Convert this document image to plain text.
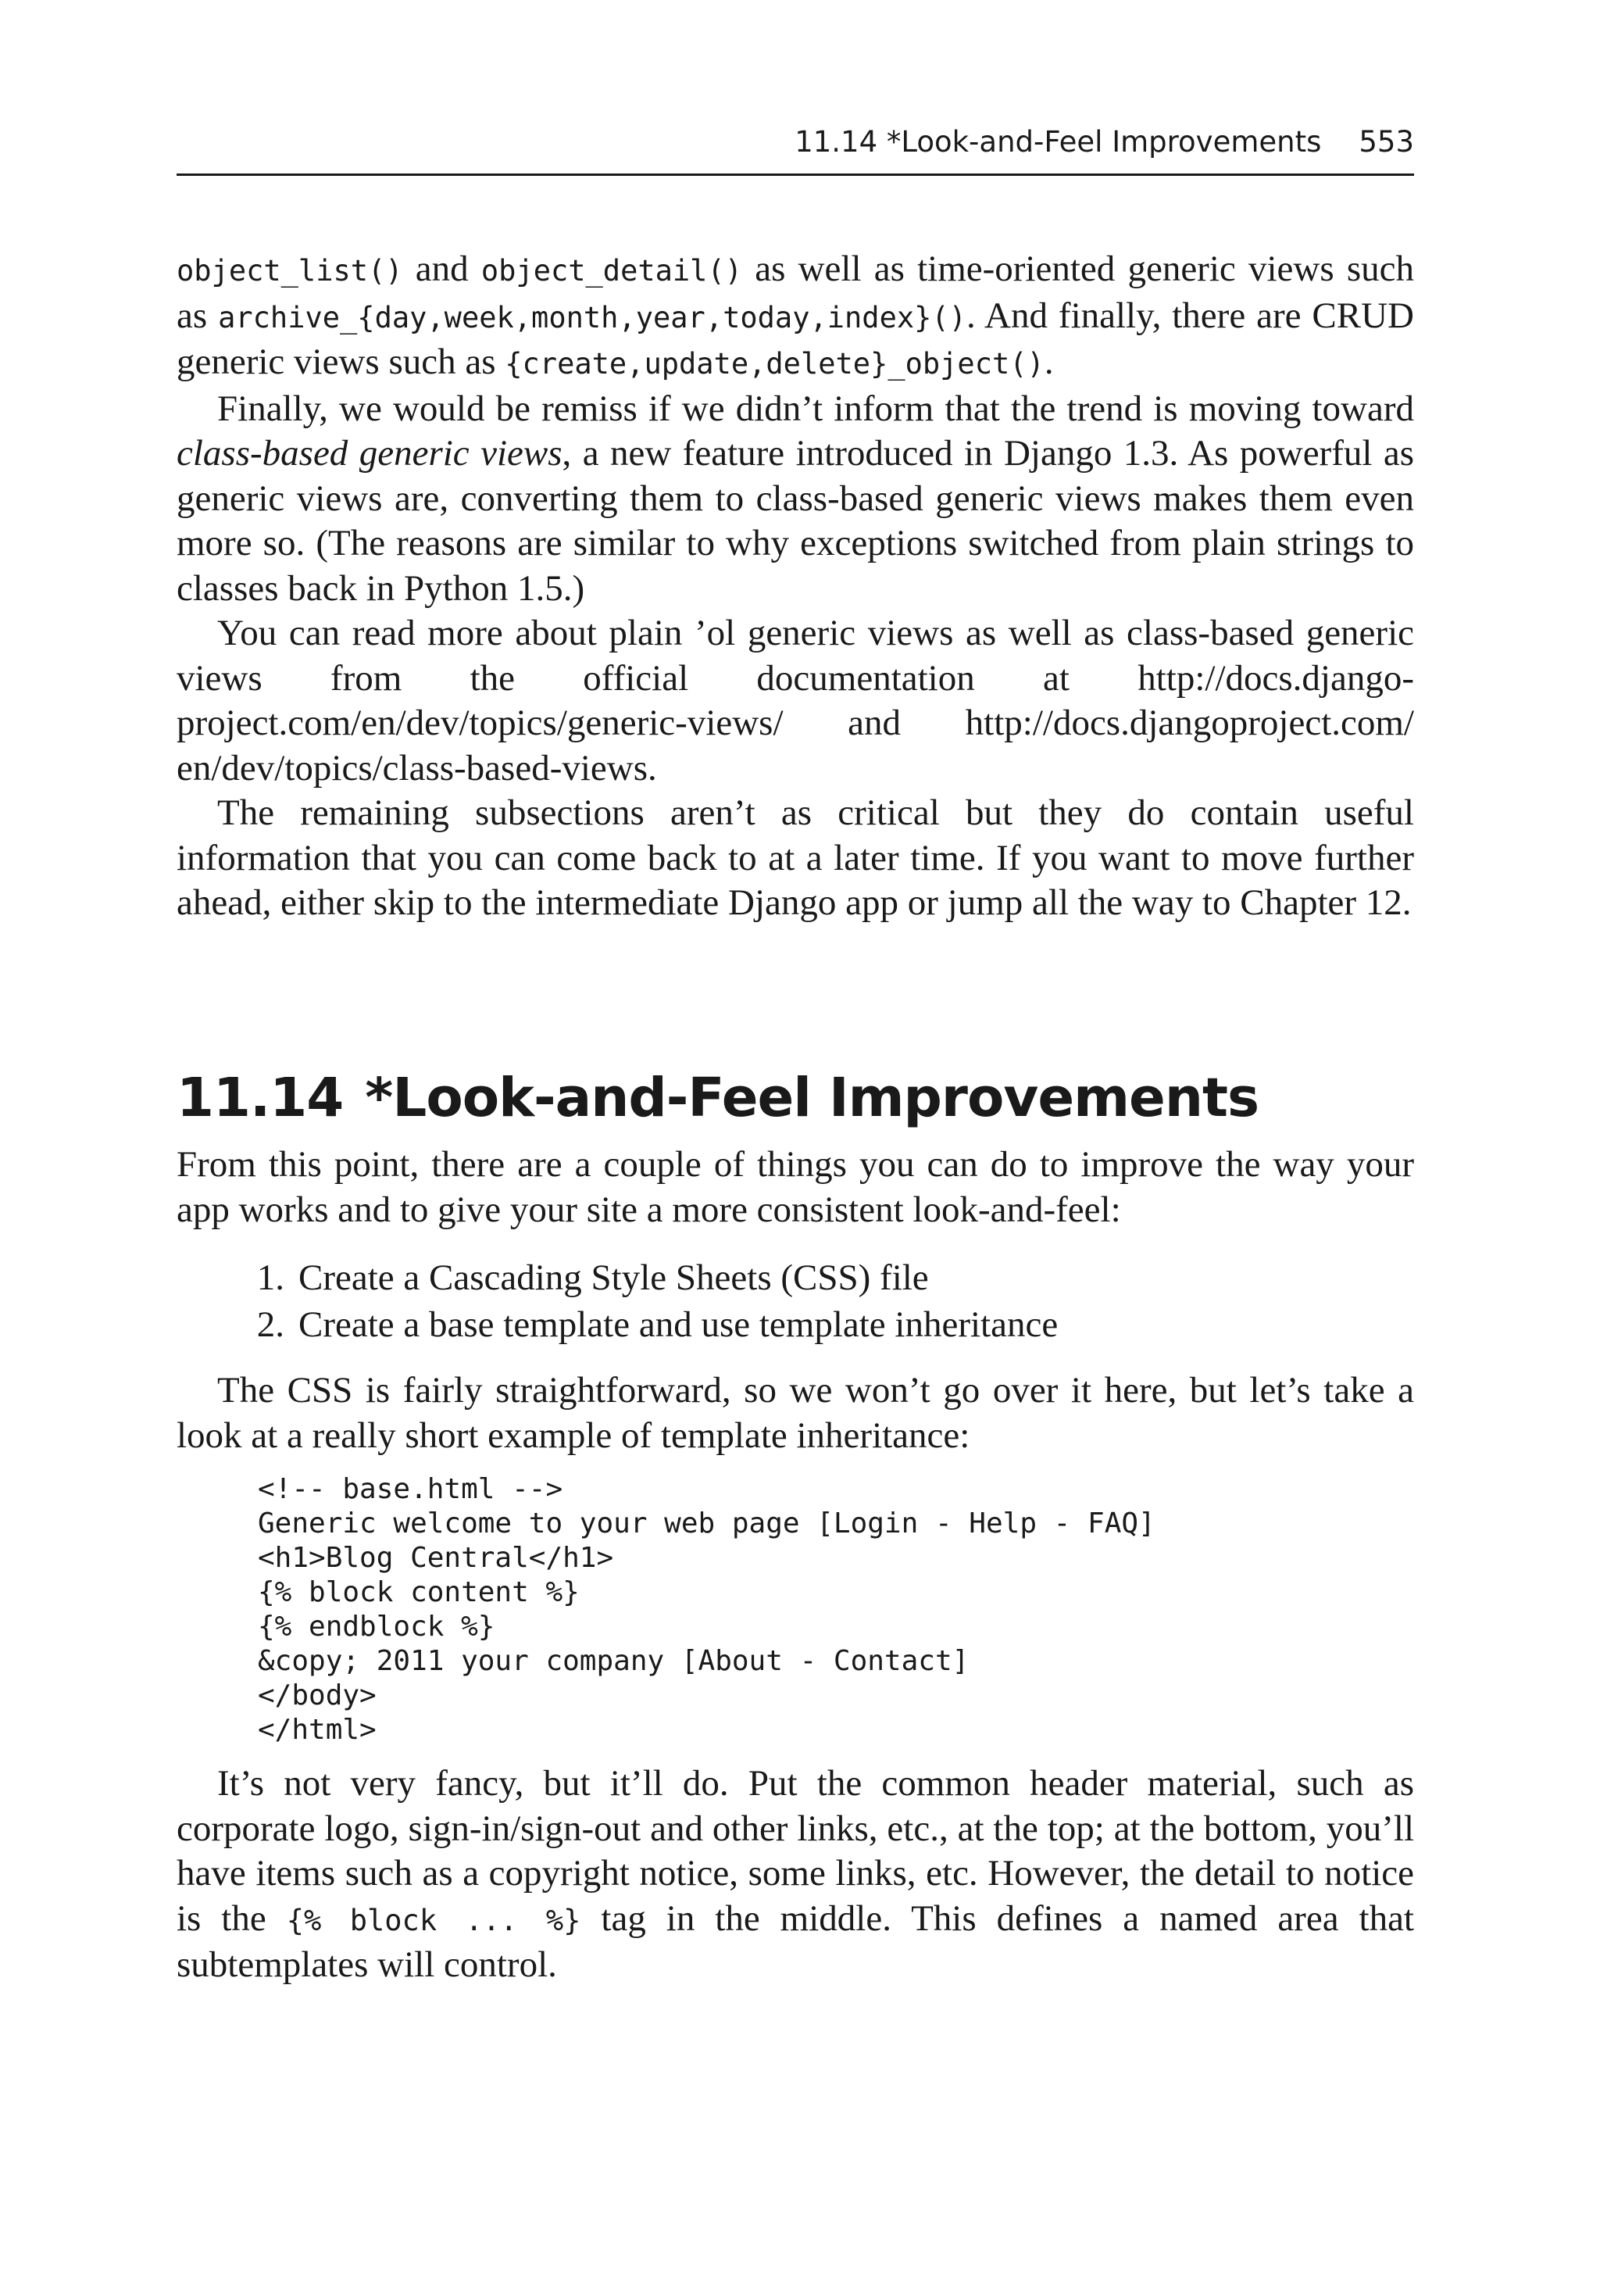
11.14 *Look-and-Feel Improvements 553

object_list() and object_detail() as well as time-oriented generic views such as archive_{day,week,month,year,today,index}(). And finally, there are CRUD generic views such as {create,update,delete}_object().

Finally, we would be remiss if we didn’t inform that the trend is moving toward class-based generic views, a new feature introduced in Django 1.3. As powerful as generic views are, converting them to class-based generic views makes them even more so. (The reasons are similar to why exceptions switched from plain strings to classes back in Python 1.5.)

You can read more about plain ’ol generic views as well as class-based generic views from the official documentation at http://docs.djangoproject.com/en/dev/topics/generic-views/ and http://docs.djangoproject.com/ en/dev/topics/class-based-views.

The remaining subsections aren’t as critical but they do contain useful information that you can come back to at a later time. If you want to move further ahead, either skip to the intermediate Django app or jump all the way to Chapter 12.

11.14 *Look-and-Feel Improvements

From this point, there are a couple of things you can do to improve the way your app works and to give your site a more consistent look-and-feel:

1. Create a Cascading Style Sheets (CSS) file
2. Create a base template and use template inheritance

The CSS is fairly straightforward, so we won’t go over it here, but let’s take a look at a really short example of template inheritance:

<!-- base.html -->
Generic welcome to your web page [Login - Help - FAQ]
<h1>Blog Central</h1>
{% block content %}
{% endblock %}
&copy; 2011 your company [About - Contact]
</body>
</html>

It’s not very fancy, but it’ll do. Put the common header material, such as corporate logo, sign-in/sign-out and other links, etc., at the top; at the bottom, you’ll have items such as a copyright notice, some links, etc. However, the detail to notice is the {% block ... %} tag in the middle. This defines a named area that subtemplates will control.
